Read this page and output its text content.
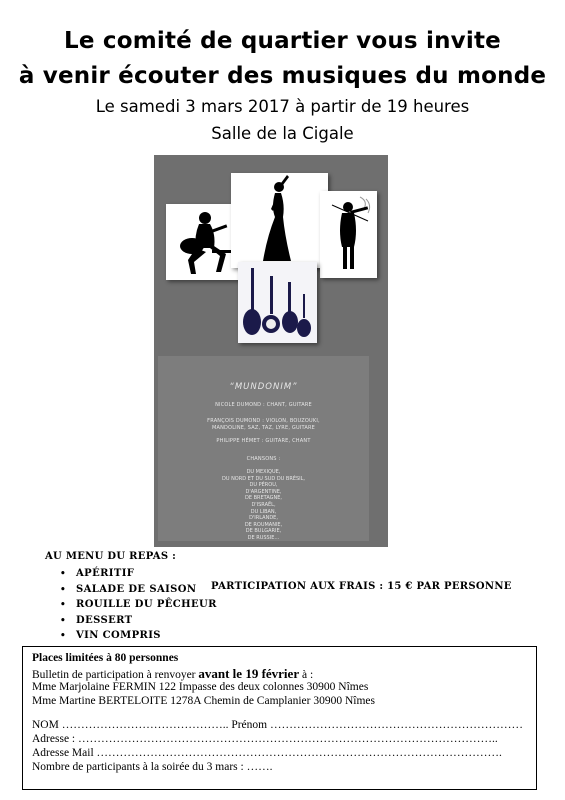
Le comité de quartier vous invite
à venir écouter des musiques du monde
Le samedi 3 mars 2017 à partir de 19 heures
Salle de la Cigale
“MUNDONIM”
NICOLE DUMOND : CHANT, GUITARE
FRANÇOIS DUMOND : VIOLON, BOUZOUKI,
MANDOLINE, SAZ, TAZ, LYRE, GUITARE
PHILIPPE HÉMET : GUITARE, CHANT
CHANSONS :
DU MEXIQUE,
DU NORD ET DU SUD DU BRÉSIL,
DU PÉROU,
D'ARGENTINE,
DE BRETAGNE,
D'ISRAËL,
DU LIBAN,
D'IRLANDE,
DE ROUMANIE,
DE BULGARIE,
DE RUSSIE…
AU MENU DU REPAS :
• APÉRITIF
• SALADE DE SAISON
• ROUILLE DU PÊCHEUR
• DESSERT
• VIN COMPRIS
PARTICIPATION AUX FRAIS : 15 € PAR PERSONNE
Places limitées à 80 personnes
Bulletin de participation à renvoyer avant le 19 février à :
Mme Marjolaine FERMIN 122 Impasse des deux colonnes 30900 Nîmes
Mme Martine BERTELOITE 1278A Chemin de Camplanier 30900 Nîmes
NOM …………………………………….. Prénom …………………………………………………………
Adresse : ………………………………………………………………………………………………..
Adresse Mail …………………………………………………………………………………………….
Nombre de participants à la soirée du 3 mars : …….
